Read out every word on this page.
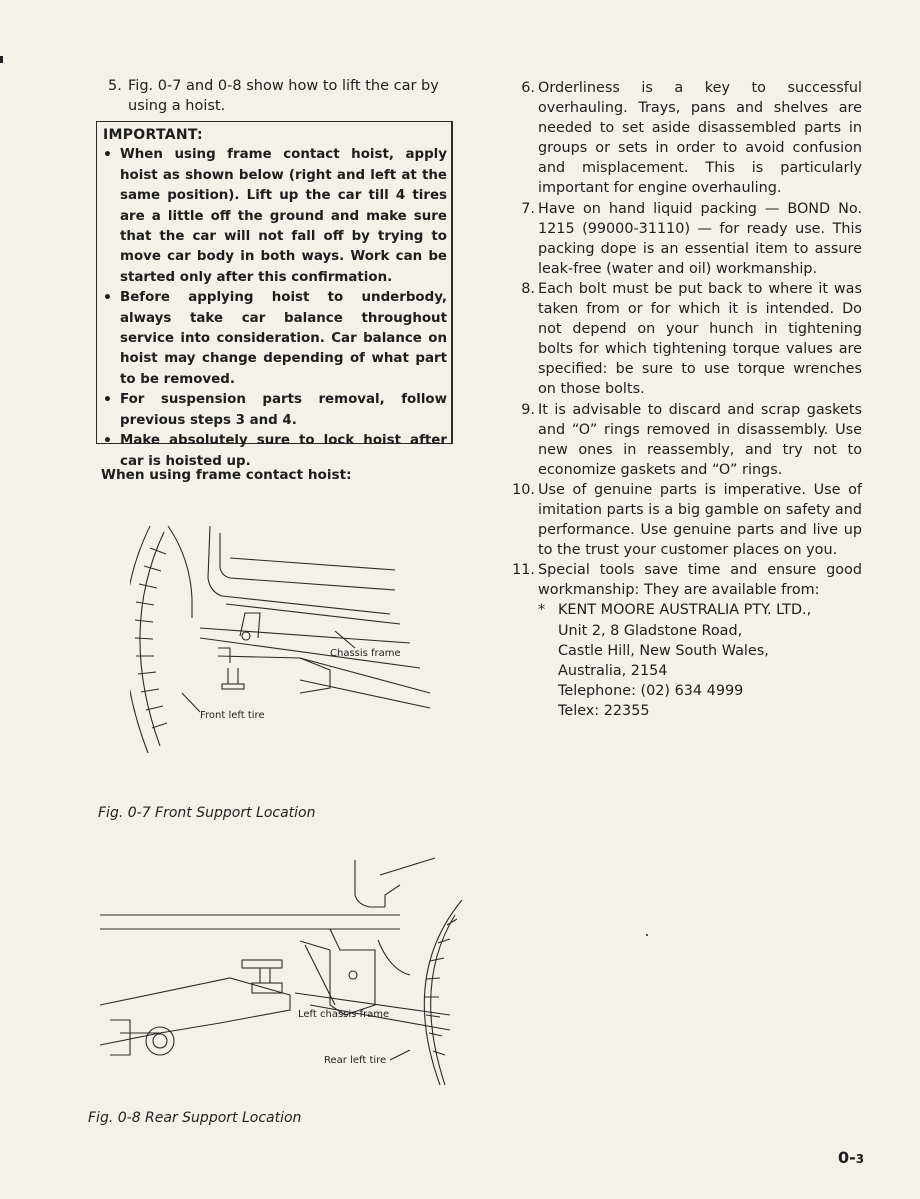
5. Fig. 0-7 and 0-8 show how to lift the car by using a hoist.
IMPORTANT:
• When using frame contact hoist, apply hoist as shown below (right and left at the same position). Lift up the car till 4 tires are a little off the ground and make sure that the car will not fall off by trying to move car body in both ways. Work can be started only after this confirmation.
• Before applying hoist to underbody, always take car balance throughout service into consideration. Car balance on hoist may change depending of what part to be removed.
• For suspension parts removal, follow previous steps 3 and 4.
• Make absolutely sure to lock hoist after car is hoisted up.
When using frame contact hoist:
Chassis frame
Front left tire
Fig. 0-7 Front Support Location
Left chassis frame
Rear left tire
Fig. 0-8 Rear Support Location
6. Orderliness is a key to successful overhauling. Trays, pans and shelves are needed to set aside disassembled parts in groups or sets in order to avoid confusion and misplacement. This is particularly important for engine overhauling.
7. Have on hand liquid packing — BOND No. 1215 (99000-31110) — for ready use. This packing dope is an essential item to assure leak-free (water and oil) workmanship.
8. Each bolt must be put back to where it was taken from or for which it is intended. Do not depend on your hunch in tightening bolts for which tightening torque values are specified: be sure to use torque wrenches on those bolts.
9. It is advisable to discard and scrap gaskets and “O” rings removed in disassembly. Use new ones in reassembly, and try not to economize gaskets and “O” rings.
10. Use of genuine parts is imperative. Use of imitation parts is a big gamble on safety and performance. Use genuine parts and live up to the trust your customer places on you.
11. Special tools save time and ensure good workmanship: They are available from:
* KENT MOORE AUSTRALIA PTY. LTD.,
Unit 2, 8 Gladstone Road,
Castle Hill, New South Wales,
Australia, 2154
Telephone: (02) 634 4999
Telex: 22355
0-3
